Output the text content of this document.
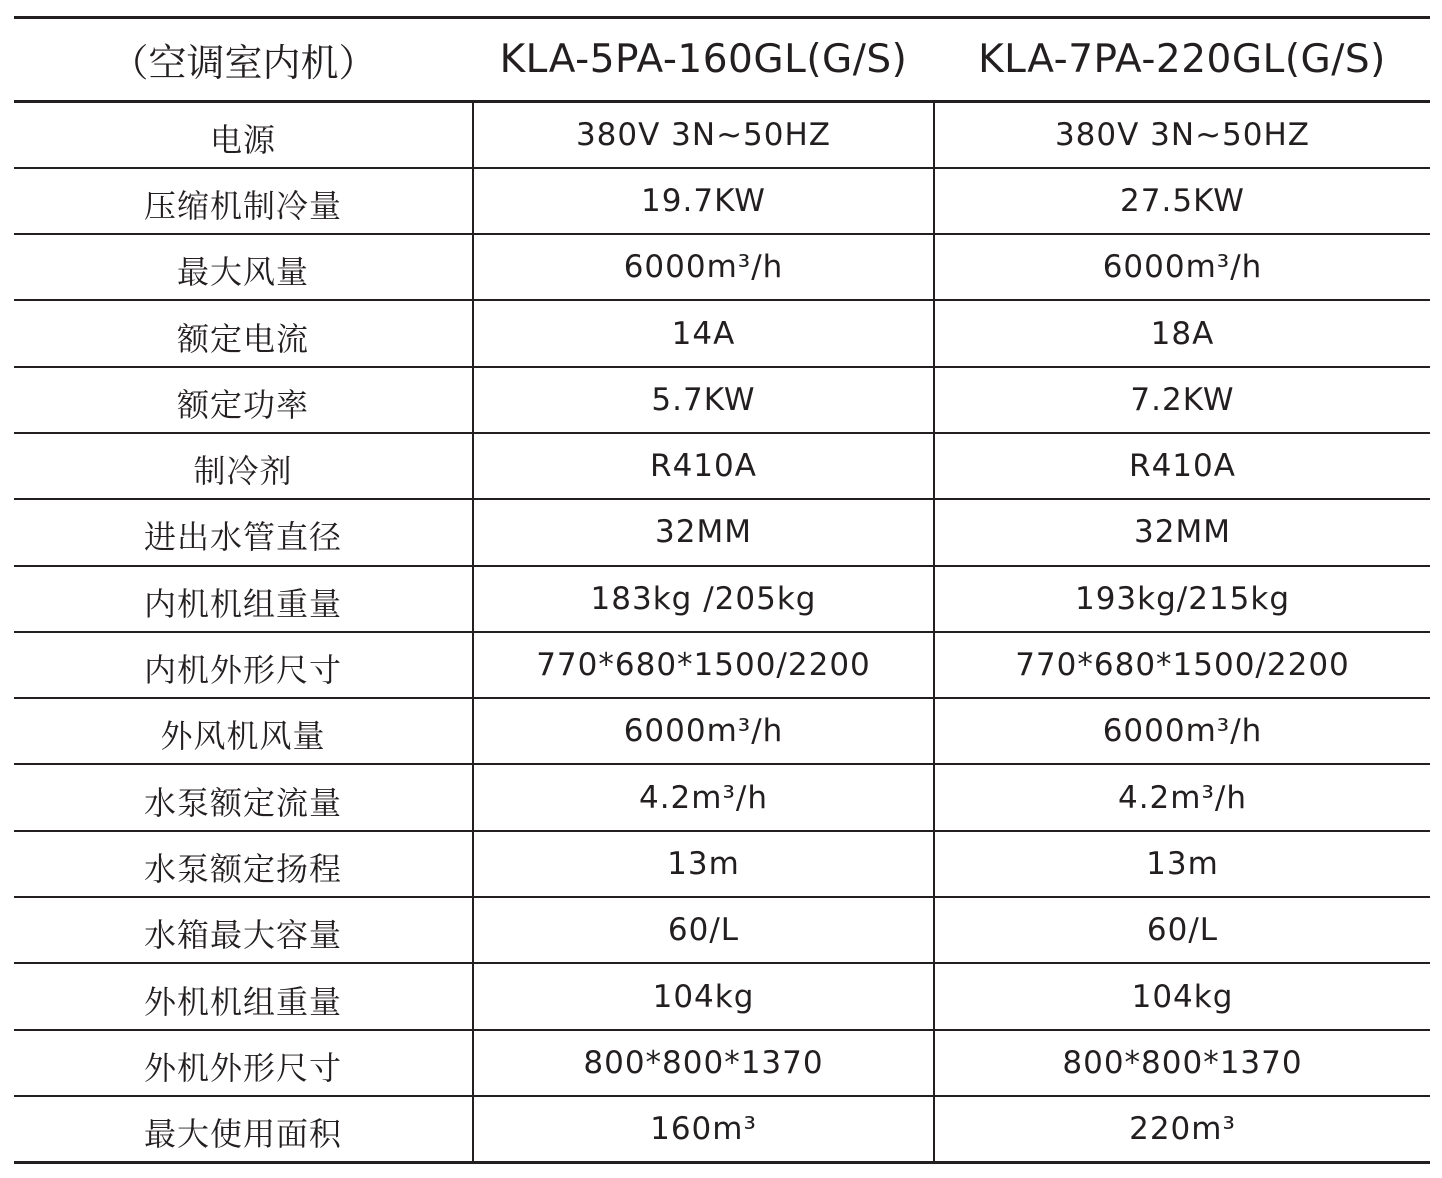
（空调室内机）	KLA-5PA-160GL(G/S)	KLA-7PA-220GL(G/S)
电源	380V 3N~50HZ	380V 3N~50HZ
压缩机制冷量	19.7KW	27.5KW
最大风量	6000m³/h	6000m³/h
额定电流	14A	18A
额定功率	5.7KW	7.2KW
制冷剂	R410A	R410A
进出水管直径	32MM	32MM
内机机组重量	183kg /205kg	193kg/215kg
内机外形尺寸	770*680*1500/2200	770*680*1500/2200
外风机风量	6000m³/h	6000m³/h
水泵额定流量	4.2m³/h	4.2m³/h
水泵额定扬程	13m	13m
水箱最大容量	60/L	60/L
外机机组重量	104kg	104kg
外机外形尺寸	800*800*1370	800*800*1370
最大使用面积	160m³	220m³
